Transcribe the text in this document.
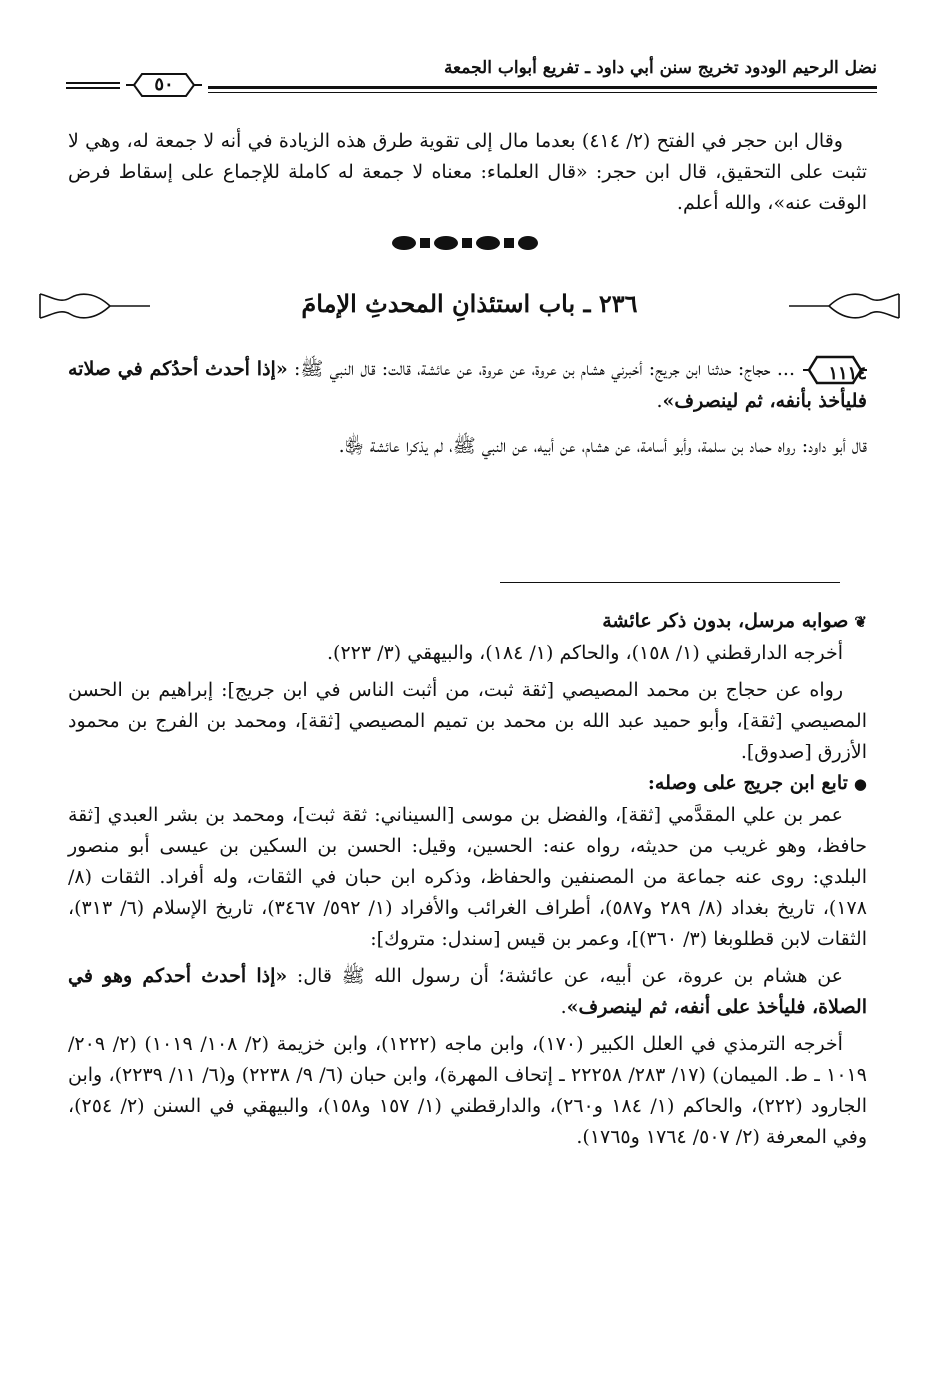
نضل الرحيم الودود تخريج سنن أبي داود ـ تفريع أبواب الجمعة
٥٠

وقال ابن حجر في الفتح (٢/ ٤١٤) بعدما مال إلى تقوية طرق هذه الزيادة في أنه لا جمعة له، وهي لا تثبت على التحقيق، قال ابن حجر: «قال العلماء: معناه لا جمعة له كاملة للإجماع على إسقاط فرض الوقت عنه»، والله أعلم.

٢٣٦ ـ باب استئذانِ المحدثِ الإمامَ

١١١٤
... حجاج: حدثنا ابن جريج: أخبرني هشام بن عروة، عن عروة، عن عائشة، قالت: قال النبي ﷺ: «إذا أحدث أحدُكم في صلاته فليأخذ بأنفه، ثم لينصرف».

قال أبو داود: رواه حماد بن سلمة، وأبو أسامة، عن هشام، عن أبيه، عن النبي ﷺ، لم يذكرا عائشة ﵂.

❦صوابه مرسل، بدون ذكر عائشة

أخرجه الدارقطني (١/ ١٥٨)، والحاكم (١/ ١٨٤)، والبيهقي (٣/ ٢٢٣).

رواه عن حجاج بن محمد المصيصي [ثقة ثبت، من أثبت الناس في ابن جريج]: إبراهيم بن الحسن المصيصي [ثقة]، وأبو حميد عبد الله بن محمد بن تميم المصيصي [ثقة]، ومحمد بن الفرج بن محمود الأزرق [صدوق].

●تابع ابن جريج على وصله:

عمر بن علي المقدَّمي [ثقة]، والفضل بن موسى [السيناني: ثقة ثبت]، ومحمد بن بشر العبدي [ثقة حافظ، وهو غريب من حديثه، رواه عنه: الحسين، وقيل: الحسن بن السكين بن عيسى أبو منصور البلدي: روى عنه جماعة من المصنفين والحفاظ، وذكره ابن حبان في الثقات، وله أفراد. الثقات (٨/ ١٧٨)، تاريخ بغداد (٨/ ٢٨٩ و٥٨٧)، أطراف الغرائب والأفراد (١/ ٥٩٢/ ٣٤٦٧)، تاريخ الإسلام (٦/ ٣١٣)، الثقات لابن قطلوبغا (٣/ ٣٦٠)]، وعمر بن قيس [سندل: متروك]:

عن هشام بن عروة، عن أبيه، عن عائشة؛ أن رسول الله ﷺ قال: «إذا أحدث أحدكم وهو في الصلاة، فليأخذ على أنفه، ثم لينصرف».

أخرجه الترمذي في العلل الكبير (١٧٠)، وابن ماجه (١٢٢٢)، وابن خزيمة (٢/ ١٠٨/ ١٠١٩) (٢/ ٢٠٩/ ١٠١٩ ـ ط. الميمان) (١٧/ ٢٨٣/ ٢٢٢٥٨ ـ إتحاف المهرة)، وابن حبان (٦/ ٩/ ٢٢٣٨) و(٦/ ١١/ ٢٢٣٩)، وابن الجارود (٢٢٢)، والحاكم (١/ ١٨٤ و٢٦٠)، والدارقطني (١/ ١٥٧ و١٥٨)، والبيهقي في السنن (٢/ ٢٥٤)، وفي المعرفة (٢/ ٥٠٧/ ١٧٦٤ و١٧٦٥).
